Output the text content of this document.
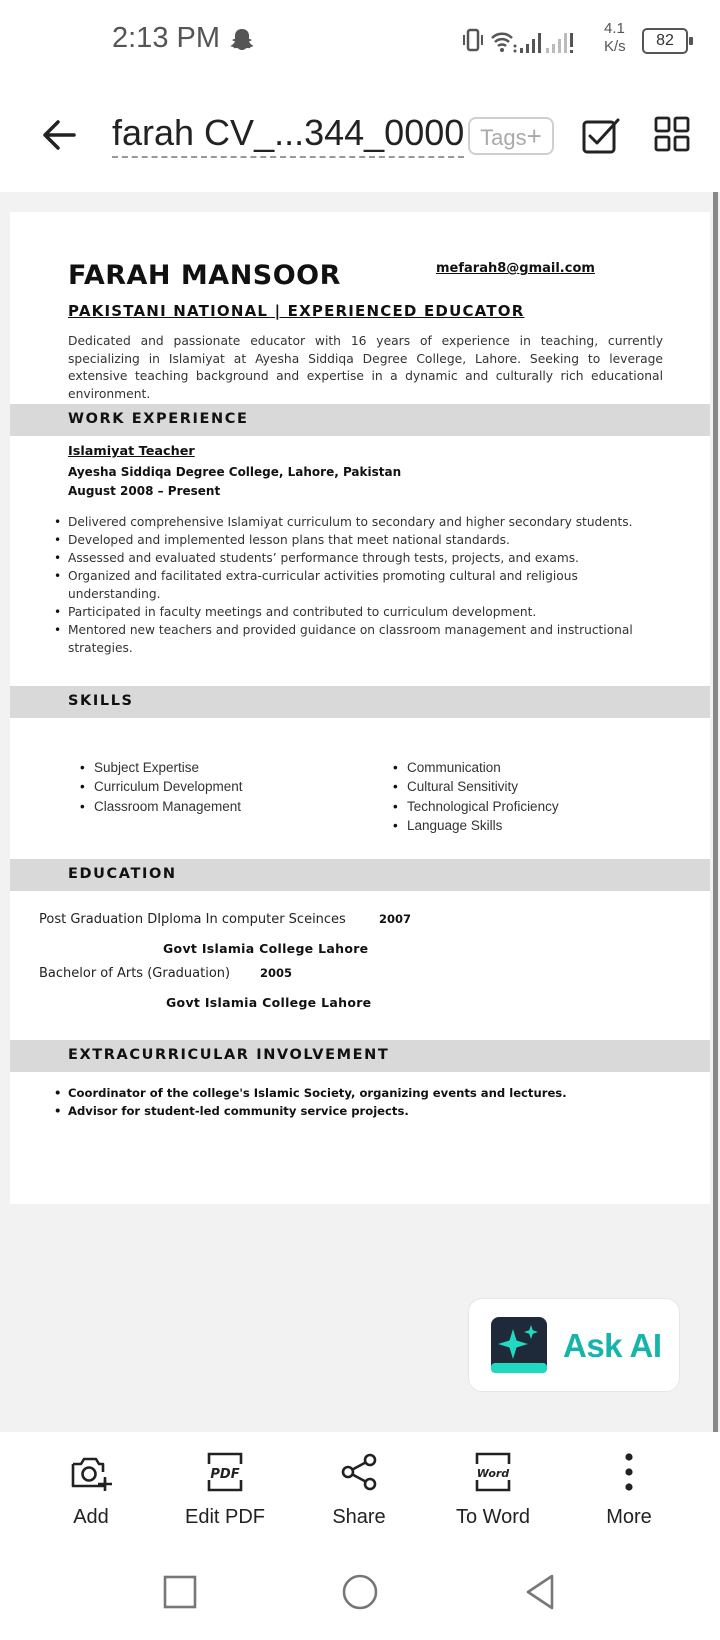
2:13 PM	4.1
K/s	82
farah CV_...344_0000 Tags+
FARAH MANSOOR	mefarah8@gmail.com
PAKISTANI NATIONAL | EXPERIENCED EDUCATOR
Dedicated and passionate educator with 16 years of experience in teaching, currently specializing in Islamiyat at Ayesha Siddiqa Degree College, Lahore. Seeking to leverage extensive teaching background and expertise in a dynamic and culturally rich educational environment.
WORK EXPERIENCE
Islamiyat Teacher
Ayesha Siddiqa Degree College, Lahore, Pakistan
August 2008 – Present
• Delivered comprehensive Islamiyat curriculum to secondary and higher secondary students.
• Developed and implemented lesson plans that meet national standards.
• Assessed and evaluated students’ performance through tests, projects, and exams.
• Organized and facilitated extra-curricular activities promoting cultural and religious understanding.
• Participated in faculty meetings and contributed to curriculum development.
• Mentored new teachers and provided guidance on classroom management and instructional strategies.
SKILLS
• Subject Expertise
• Curriculum Development
• Classroom Management
• Communication
• Cultural Sensitivity
• Technological Proficiency
• Language Skills
EDUCATION
Post Graduation DIploma In computer Sceinces	2007
Govt Islamia College Lahore
Bachelor of Arts (Graduation)	2005
Govt Islamia College Lahore
EXTRACURRICULAR INVOLVEMENT
• Coordinator of the college's Islamic Society, organizing events and lectures.
• Advisor for student-led community service projects.
Ask AI
Add
PDF
Edit PDF	Share
Word
To Word	More
